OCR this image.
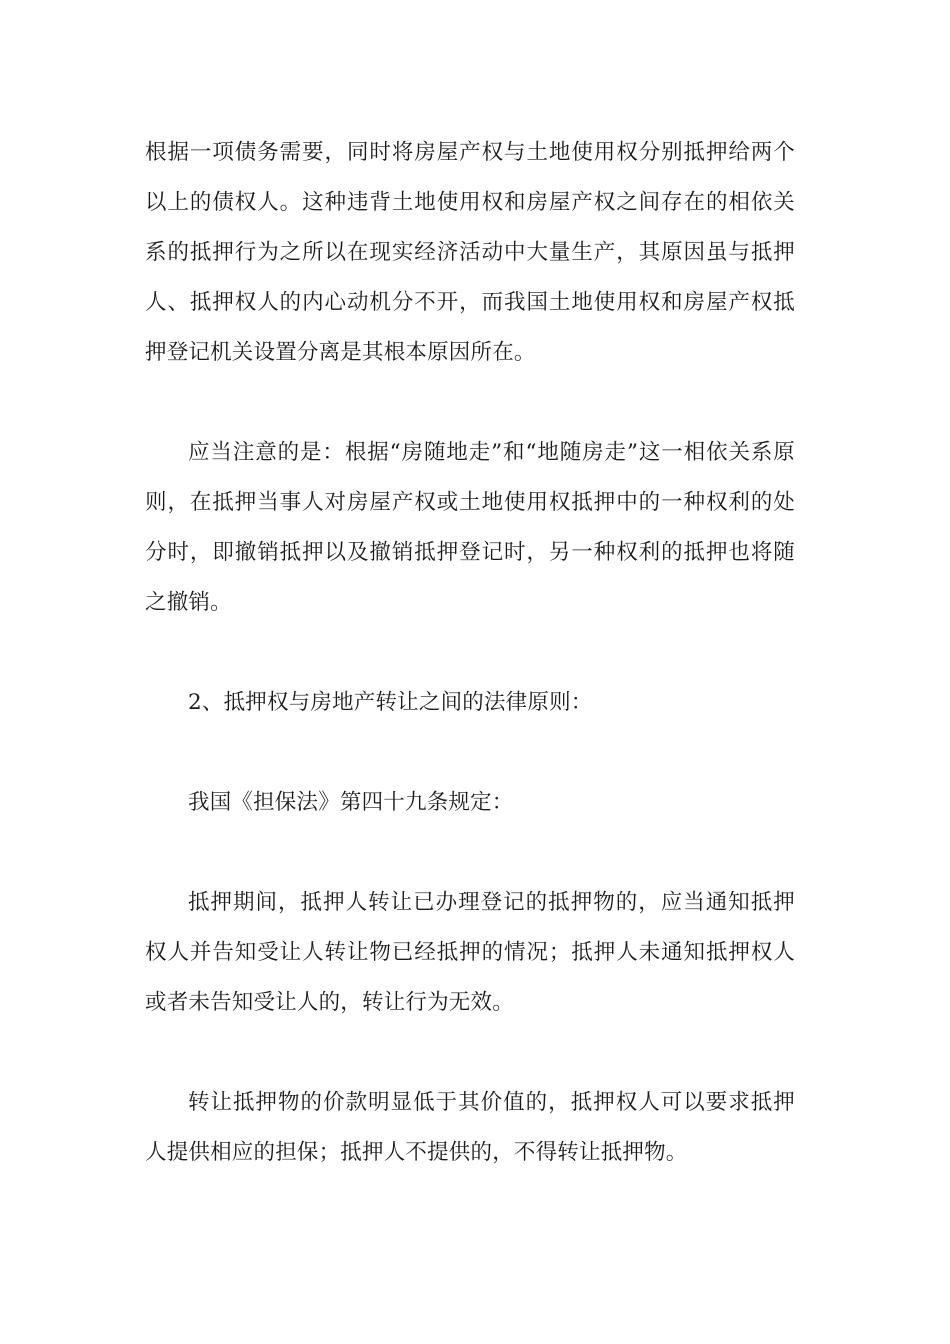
根据一项债务需要，同时将房屋产权与土地使用权分别抵押给两个以上的债权人。这种违背土地使用权和房屋产权之间存在的相依关系的抵押行为之所以在现实经济活动中大量生产，其原因虽与抵押人、抵押权人的内心动机分不开，而我国土地使用权和房屋产权抵押登记机关设置分离是其根本原因所在。

应当注意的是：根据“房随地走”和“地随房走”这一相依关系原则，在抵押当事人对房屋产权或土地使用权抵押中的一种权利的处分时，即撤销抵押以及撤销抵押登记时，另一种权利的抵押也将随之撤销。

2、抵押权与房地产转让之间的法律原则：

我国《担保法》第四十九条规定：

抵押期间，抵押人转让已办理登记的抵押物的，应当通知抵押权人并告知受让人转让物已经抵押的情况；抵押人未通知抵押权人或者未告知受让人的，转让行为无效。

转让抵押物的价款明显低于其价值的，抵押权人可以要求抵押人提供相应的担保；抵押人不提供的，不得转让抵押物。
